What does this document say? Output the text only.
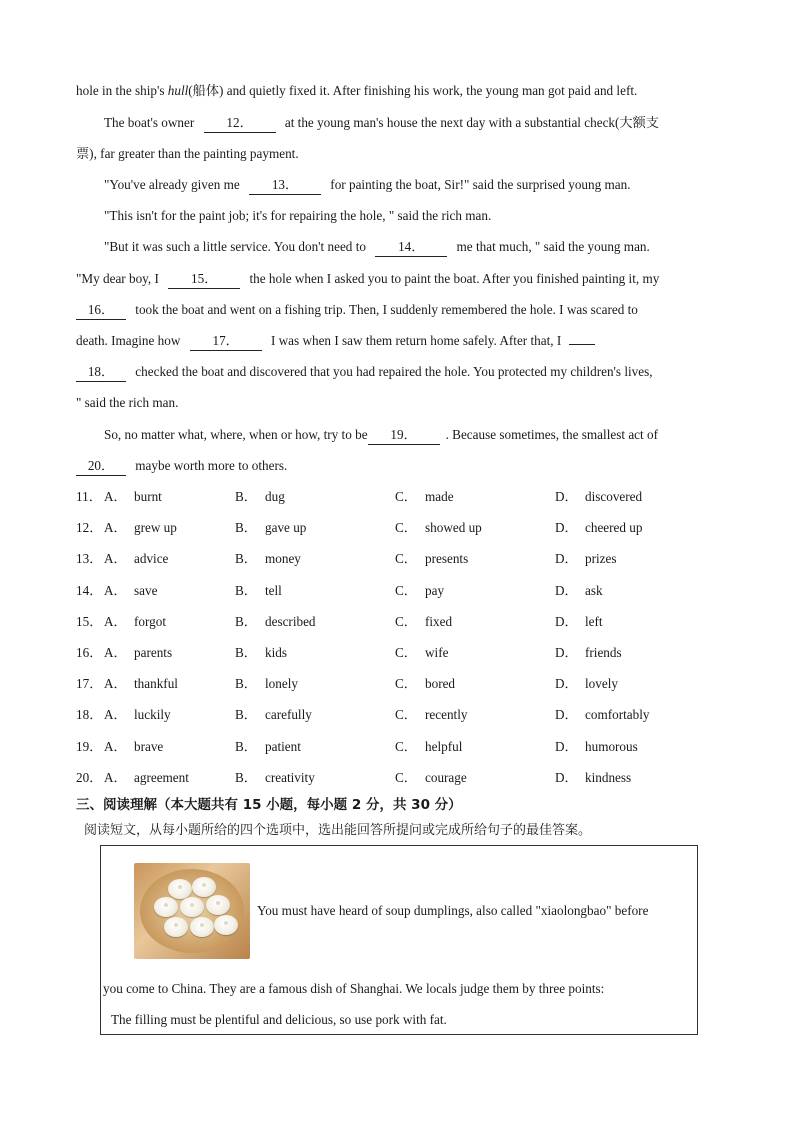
hole in the ship's hull(船体) and quietly fixed it. After finishing his work, the young man got paid and left.
The boat's owner 12． at the young man's house the next day with a substantial check(大额支
票), far greater than the painting payment.
"You've already given me 13． for painting the boat, Sir!" said the surprised young man.
"This isn't for the paint job; it's for repairing the hole, " said the rich man.
"But it was such a little service. You don't need to 14． me that much, " said the young man.
"My dear boy, I 15． the hole when I asked you to paint the boat. After you finished painting it, my
16． took the boat and went on a fishing trip. Then, I suddenly remembered the hole. I was scared to
death. Imagine how 17． I was when I saw them return home safely. After that, I
18． checked the boat and discovered that you had repaired the hole. You protected my children's lives,
" said the rich man.
So, no matter what, where, when or how, try to be 19． . Because sometimes, the smallest act of
20． maybe worth more to others.
11． A． burnt	B． dug	C． made	D． discovered
12． A． grew up	B． gave up	C． showed up	D． cheered up
13． A． advice	B． money	C． presents	D． prizes
14． A． save	B． tell	C． pay	D． ask
15． A． forgot	B． described	C． fixed	D． left
16． A． parents	B． kids	C． wife	D． friends
17． A． thankful	B． lonely	C． bored	D． lovely
18． A． luckily	B． carefully	C． recently	D． comfortably
19． A． brave	B． patient	C． helpful	D． humorous
20． A． agreement	B． creativity	C． courage	D． kindness
三、阅读理解（本大题共有 15 小题，每小题 2 分，共 30 分）
阅读短文，从每小题所给的四个选项中，选出能回答所提问或完成所给句子的最佳答案。
You must have heard of soup dumplings, also called "xiaolongbao" before
you come to China. They are a famous dish of Shanghai. We locals judge them by three points:
The filling must be plentiful and delicious, so use pork with fat.
